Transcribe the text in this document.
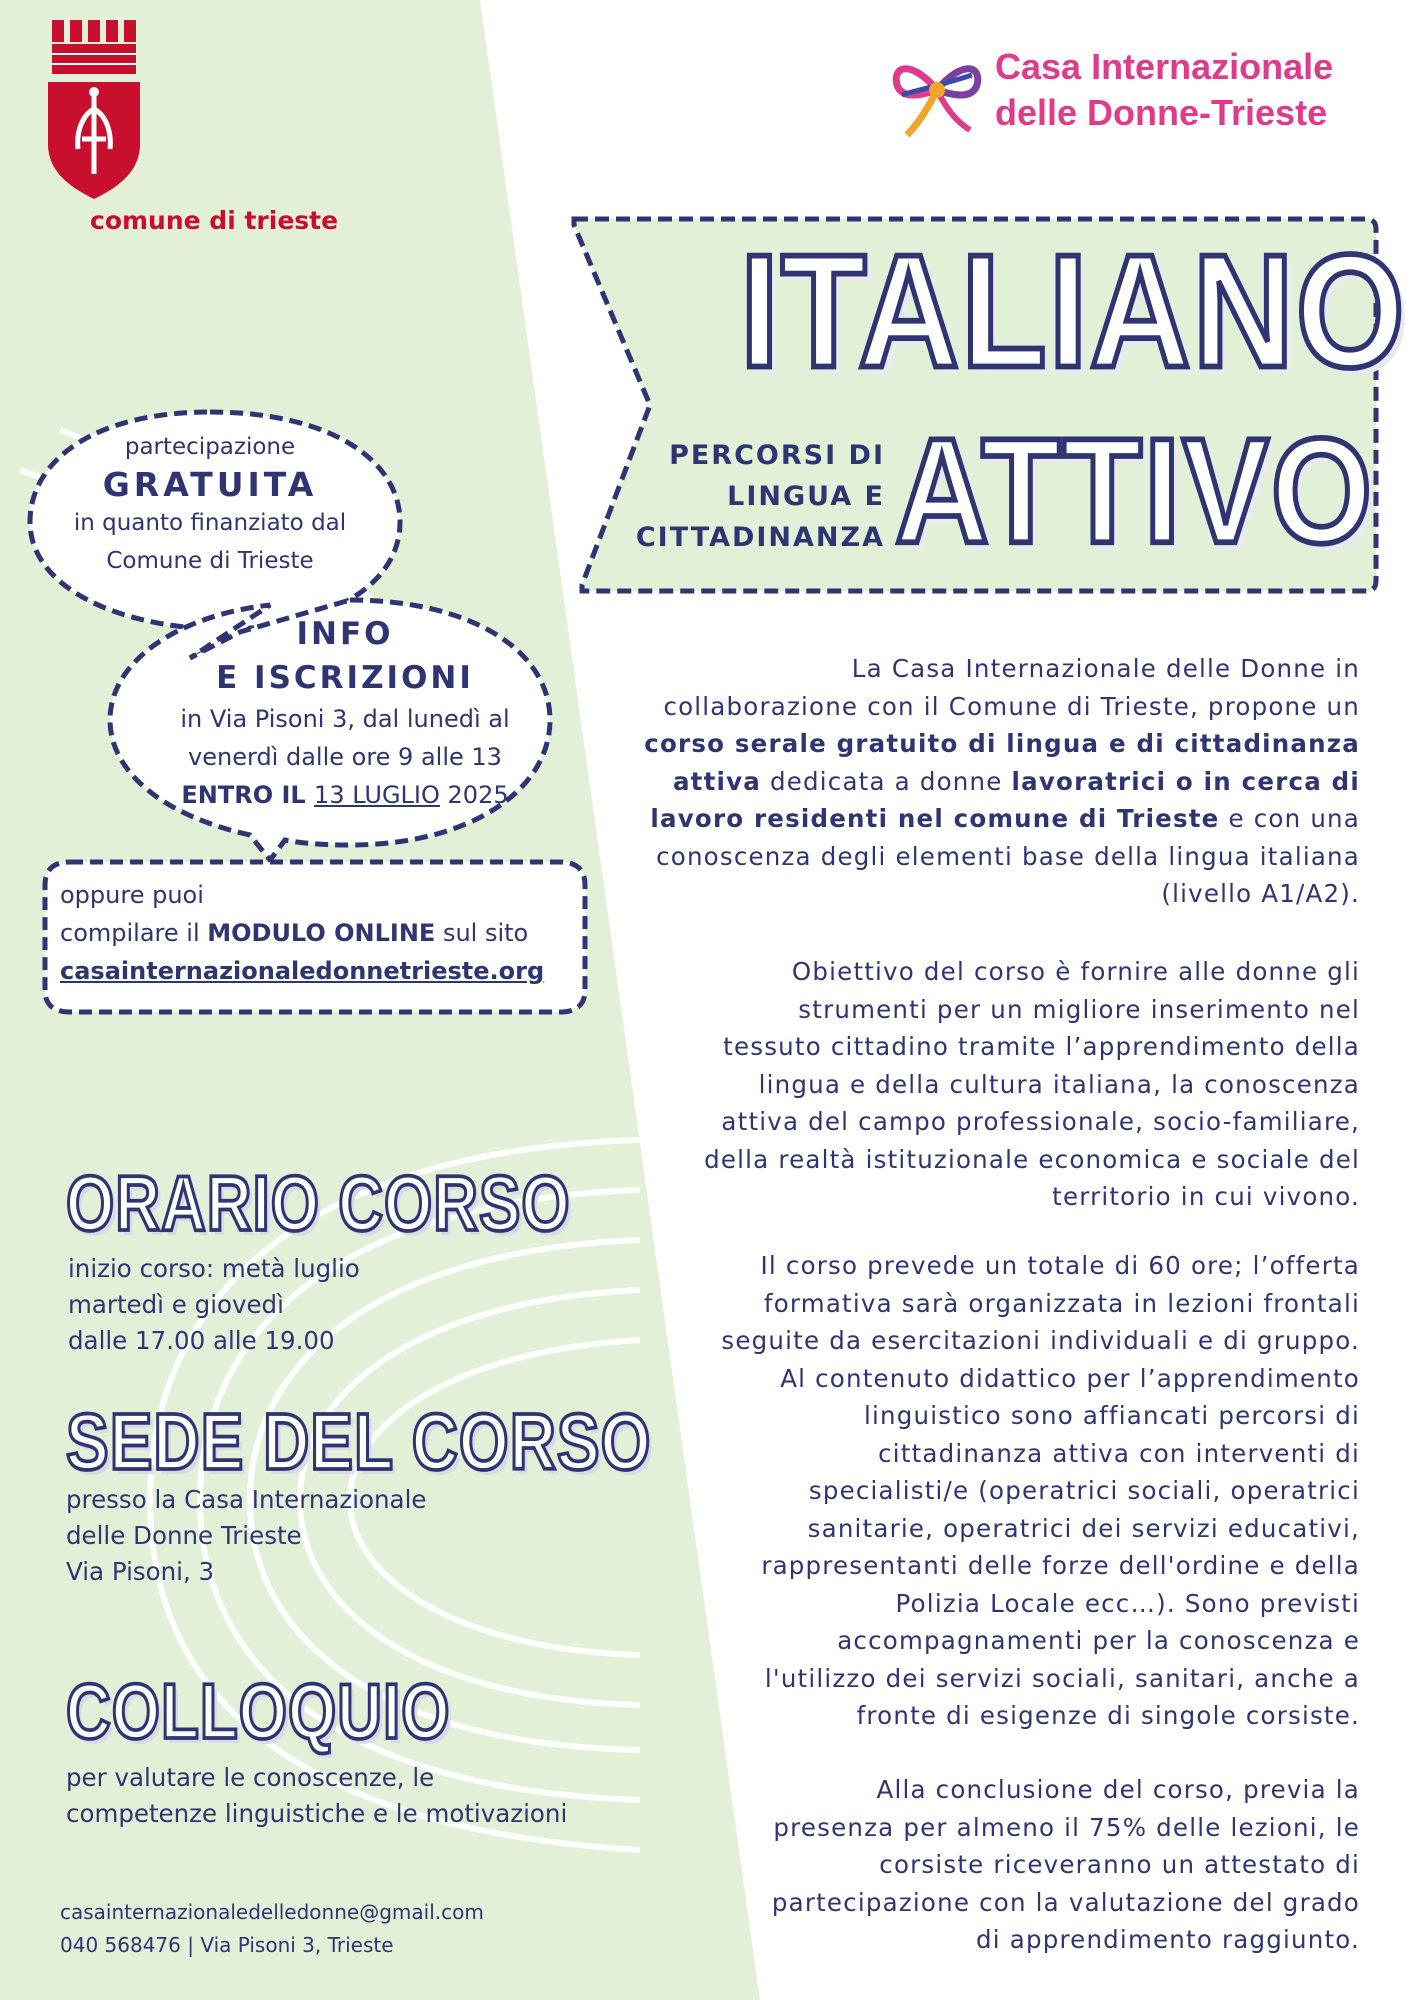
comune di trieste
Casa Internazionale
delle Donne-Trieste
ITALIANO
ATTIVO
PERCORSI DI
LINGUA E
CITTADINANZA
partecipazione
GRATUITA
in quanto finanziato dal
Comune di Trieste
INFO
E ISCRIZIONI
in Via Pisoni 3, dal lunedì al
venerdì dalle ore 9 alle 13
ENTRO IL 13 LUGLIO 2025
oppure puoi
compilare il MODULO ONLINE sul sito
casainternazionaledonnetrieste.org
La Casa Internazionale delle Donne in
collaborazione con il Comune di Trieste, propone un
corso serale gratuito di lingua e di cittadinanza
attiva dedicata a donne lavoratrici o in cerca di
lavoro residenti nel comune di Trieste e con una
conoscenza degli elementi base della lingua italiana
(livello A1/A2).
Obiettivo del corso è fornire alle donne gli
strumenti per un migliore inserimento nel
tessuto cittadino tramite l’apprendimento della
lingua e della cultura italiana, la conoscenza
attiva del campo professionale, socio-familiare,
della realtà istituzionale economica e sociale del
territorio in cui vivono.
Il corso prevede un totale di 60 ore; l’offerta
formativa sarà organizzata in lezioni frontali
seguite da esercitazioni individuali e di gruppo.
Al contenuto didattico per l’apprendimento
linguistico sono affiancati percorsi di
cittadinanza attiva con interventi di
specialisti/e (operatrici sociali, operatrici
sanitarie, operatrici dei servizi educativi,
rappresentanti delle forze dell'ordine e della
Polizia Locale ecc…). Sono previsti
accompagnamenti per la conoscenza e
l'utilizzo dei servizi sociali, sanitari, anche a
fronte di esigenze di singole corsiste.
Alla conclusione del corso, previa la
presenza per almeno il 75% delle lezioni, le
corsiste riceveranno un attestato di
partecipazione con la valutazione del grado
di apprendimento raggiunto.
ORARIO CORSO
inizio corso: metà luglio
martedì e giovedì
dalle 17.00 alle 19.00
SEDE DEL CORSO
presso la Casa Internazionale
delle Donne Trieste
Via Pisoni, 3
COLLOQUIO
per valutare le conoscenze, le
competenze linguistiche e le motivazioni
casainternazionaledelledonne@gmail.com
040 568476 | Via Pisoni 3, Trieste
